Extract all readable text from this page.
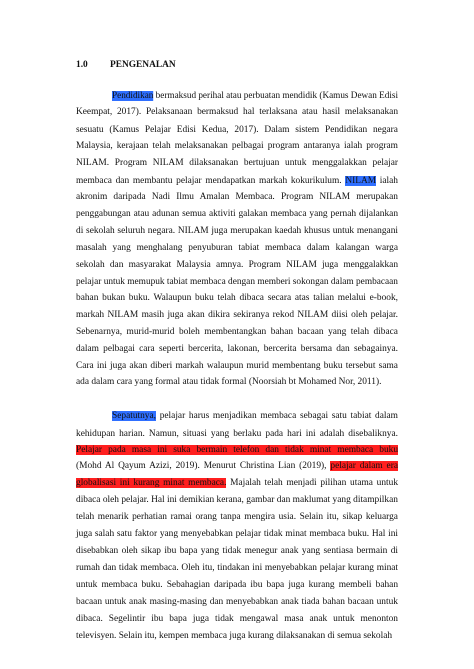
1.0 PENGENALAN
Pendidikan bermaksud perihal atau perbuatan mendidik (Kamus Dewan Edisi
Keempat, 2017). Pelaksanaan bermaksud hal terlaksana atau hasil melaksanakan
sesuatu (Kamus Pelajar Edisi Kedua, 2017). Dalam sistem Pendidikan negara
Malaysia, kerajaan telah melaksanakan pelbagai program antaranya ialah program
NILAM. Program NILAM dilaksanakan bertujuan untuk menggalakkan pelajar
membaca dan membantu pelajar mendapatkan markah kokurikulum. NILAM ialah
akronim daripada Nadi Ilmu Amalan Membaca. Program NILAM merupakan
penggabungan atau adunan semua aktiviti galakan membaca yang pernah dijalankan
di sekolah seluruh negara. NILAM juga merupakan kaedah khusus untuk menangani
masalah yang menghalang penyuburan tabiat membaca dalam kalangan warga
sekolah dan masyarakat Malaysia amnya. Program NILAM juga menggalakkan
pelajar untuk memupuk tabiat membaca dengan memberi sokongan dalam pembacaan
bahan bukan buku. Walaupun buku telah dibaca secara atas talian melalui e-book,
markah NILAM masih juga akan dikira sekiranya rekod NILAM diisi oleh pelajar.
Sebenarnya, murid-murid boleh membentangkan bahan bacaan yang telah dibaca
dalam pelbagai cara seperti bercerita, lakonan, bercerita bersama dan sebagainya.
Cara ini juga akan diberi markah walaupun murid membentang buku tersebut sama
ada dalam cara yang formal atau tidak formal (Noorsiah bt Mohamed Nor, 2011).
Sepatutnya, pelajar harus menjadikan membaca sebagai satu tabiat dalam
kehidupan harian. Namun, situasi yang berlaku pada hari ini adalah disebaliknya.
Pelajar pada masa ini suka bermain telefon dan tidak minat membaca buku
(Mohd Al Qayum Azizi, 2019). Menurut Christina Lian (2019), pelajar dalam era
globalisasi ini kurang minat membaca. Majalah telah menjadi pilihan utama untuk
dibaca oleh pelajar. Hal ini demikian kerana, gambar dan maklumat yang ditampilkan
telah menarik perhatian ramai orang tanpa mengira usia. Selain itu, sikap keluarga
juga salah satu faktor yang menyebabkan pelajar tidak minat membaca buku. Hal ini
disebabkan oleh sikap ibu bapa yang tidak menegur anak yang sentiasa bermain di
rumah dan tidak membaca. Oleh itu, tindakan ini menyebabkan pelajar kurang minat
untuk membaca buku. Sebahagian daripada ibu bapa juga kurang membeli bahan
bacaan untuk anak masing-masing dan menyebabkan anak tiada bahan bacaan untuk
dibaca. Segelintir ibu bapa juga tidak mengawal masa anak untuk menonton
televisyen. Selain itu, kempen membaca juga kurang dilaksanakan di semua sekolah
